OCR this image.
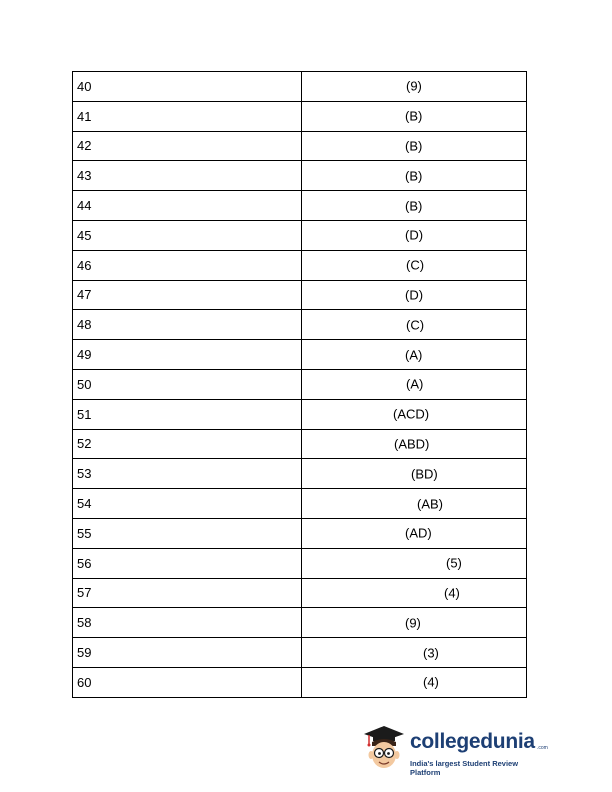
40	(9)

41	(B)

42	(B)

43	(B)

44	(B)

45	(D)

46	(C)

47	(D)

48	(C)

49	(A)

50	(A)

51	(ACD)

52	(ABD)

53	(BD)

54	(AB)

55	(AD)

56	(5)

57	(4)

58	(9)

59	(3)

60	(4)
collegedunia .com
India's largest Student Review Platform
